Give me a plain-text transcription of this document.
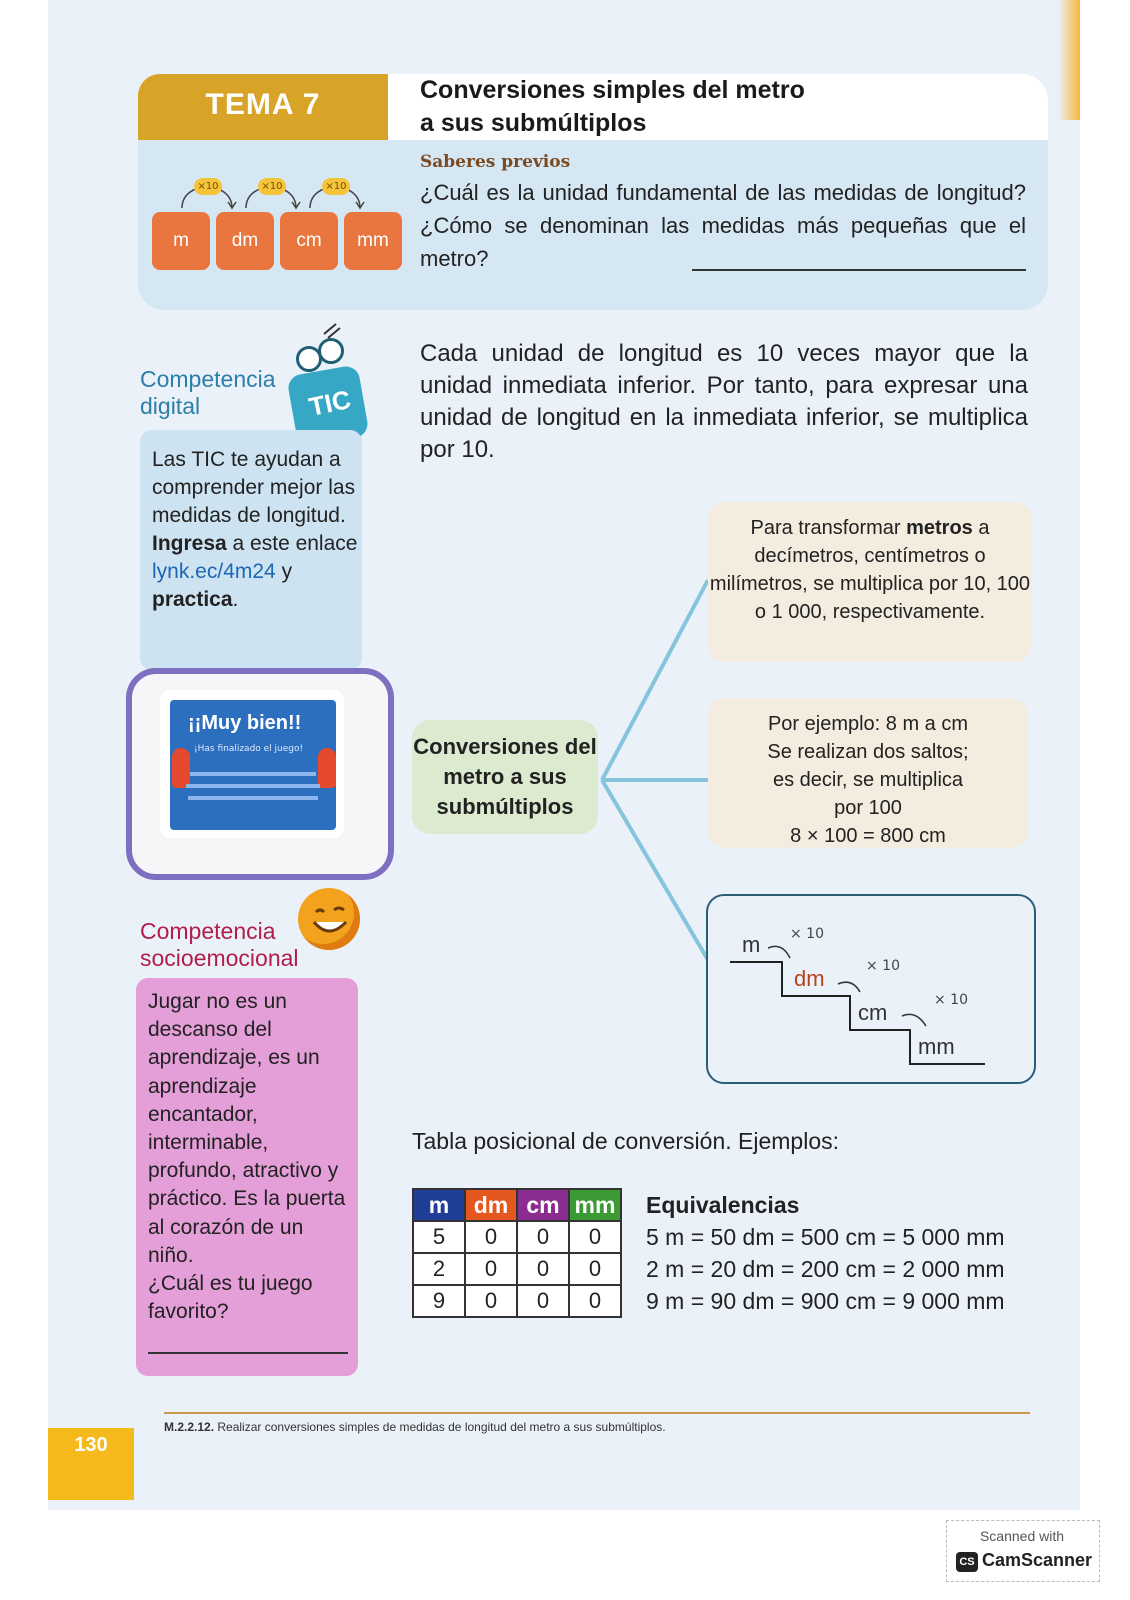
TEMA 7	Conversiones simples del metro
a sus submúltiplos
×10	×10	×10
m	dm	cm	mm
Saberes previos
¿Cuál es la unidad fundamental de las medidas de longitud? ¿Cómo se denominan las medidas más pequeñas que el metro?
Competencia
digital	TIC
Las TIC te ayudan a comprender mejor las medidas de longitud. Ingresa a este enlace lynk.ec/4m24 y practica.
¡¡Muy bien!!
¡Has finalizado el juego!
Competencia
socioemocional
Jugar no es un descanso del aprendizaje, es un aprendizaje encantador, interminable, profundo, atractivo y práctico. Es la puerta al corazón de un niño.
¿Cuál es tu juego favorito?
Cada unidad de longitud es 10 veces mayor que la unidad inmediata inferior. Por tanto, para expresar una unidad de longitud en la inmediata inferior, se multiplica por 10.
Conversiones del metro a sus submúltiplos
Para transformar metros a decímetros, centímetros o milímetros, se multiplica por 10, 100 o 1 000, respectivamente.
Por ejemplo: 8 m a cm
Se realizan dos saltos;
es decir, se multiplica
por 100
8 × 100 = 800 cm
m
dm
cm
mm
× 10
× 10
× 10
Tabla posicional de conversión. Ejemplos:
m	dm	cm	mm
5	0	0	0
2	0	0	0
9	0	0	0
Equivalencias
5 m = 50 dm = 500 cm = 5 000 mm
2 m = 20 dm = 200 cm = 2 000 mm
9 m = 90 dm = 900 cm = 9 000 mm
M.2.2.12. Realizar conversiones simples de medidas de longitud del metro a sus submúltiplos.
130
Scanned with
CS CamScanner
